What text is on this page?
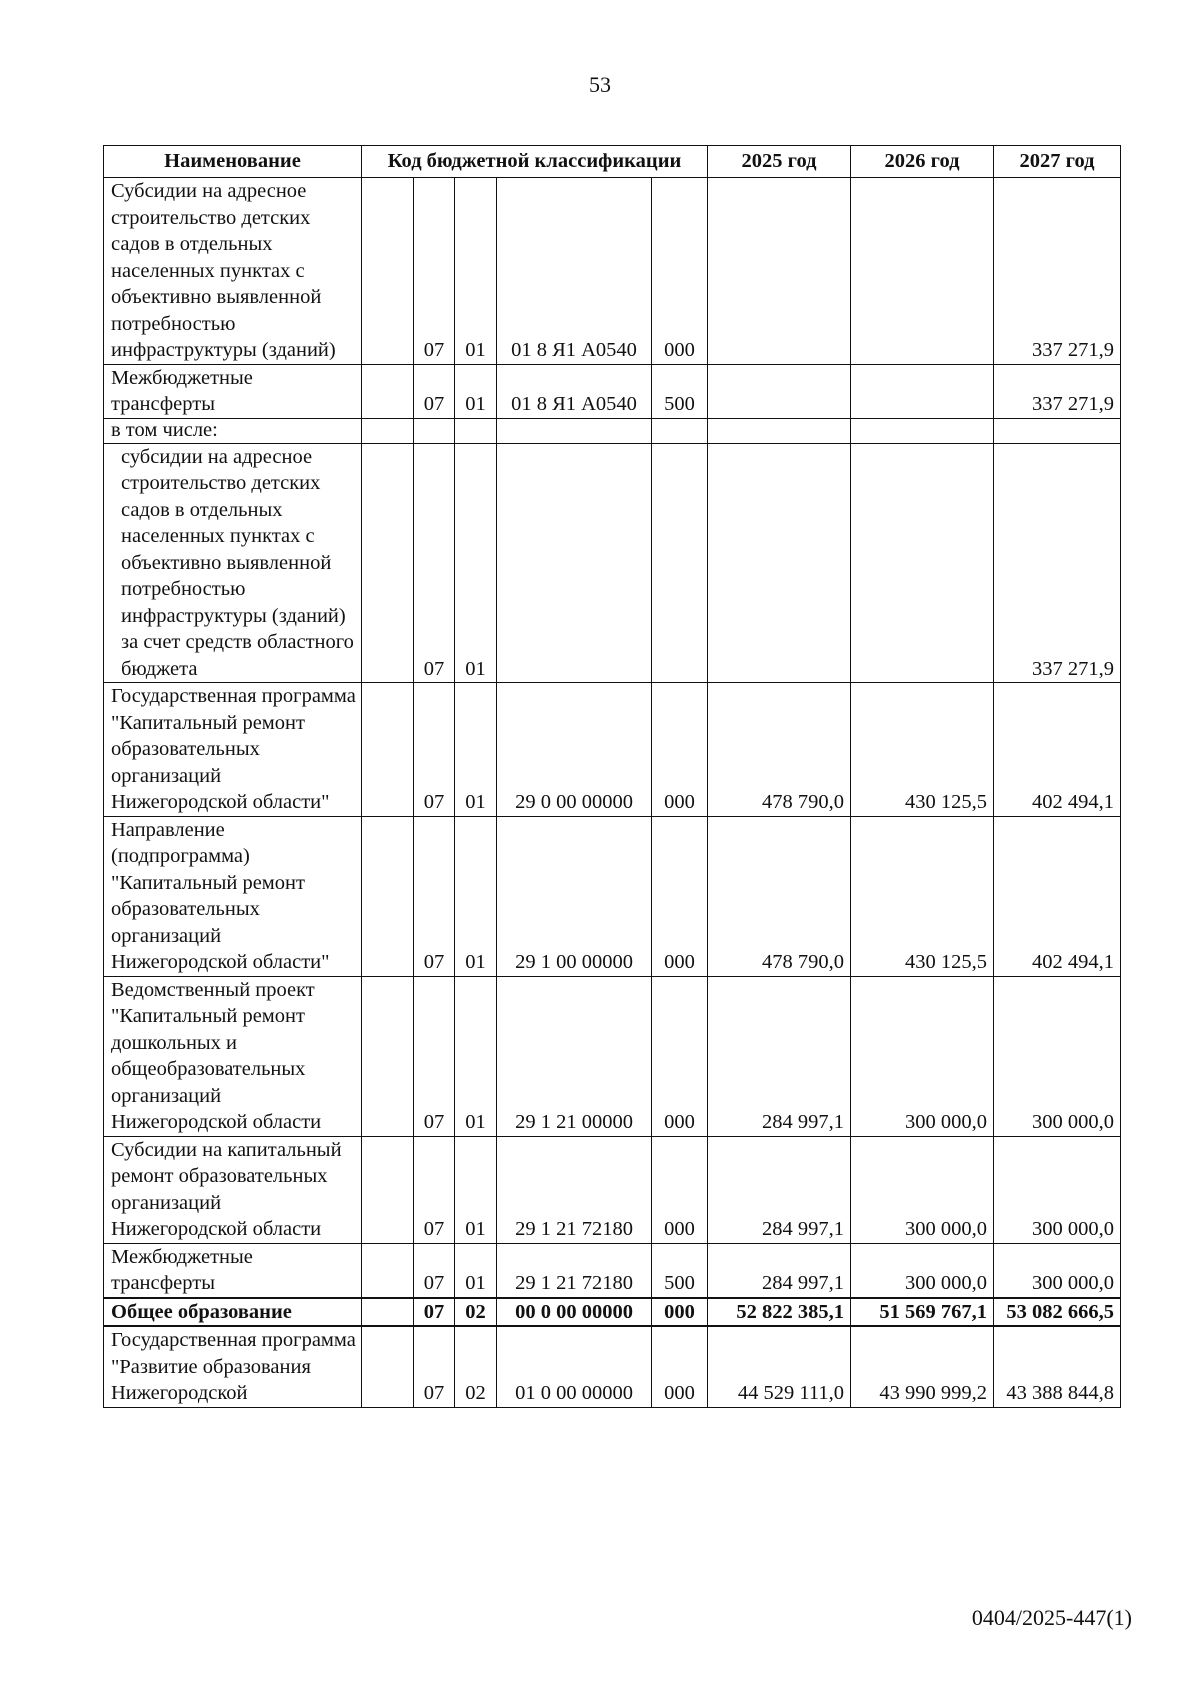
53
Наименование	Код бюджетной классификации					2025 год	2026 год	2027 год
Субсидии на адресное строительство детских садов в отдельных населенных пунктах с объективно выявленной потребностью инфраструктуры (зданий)		07	01	01 8 Я1 А0540	000			337 271,9
Межбюджетные трансферты		07	01	01 8 Я1 А0540	500			337 271,9
в том числе:								
субсидии на адресное строительство детских садов в отдельных населенных пунктах с объективно выявленной потребностью инфраструктуры (зданий) за счет средств областного бюджета		07	01					337 271,9
Государственная программа "Капитальный ремонт образовательных организаций Нижегородской области"		07	01	29 0 00 00000	000	478 790,0	430 125,5	402 494,1
Направление (подпрограмма) "Капитальный ремонт образовательных организаций Нижегородской области"		07	01	29 1 00 00000	000	478 790,0	430 125,5	402 494,1
Ведомственный проект "Капитальный ремонт дошкольных и общеобразовательных организаций Нижегородской области		07	01	29 1 21 00000	000	284 997,1	300 000,0	300 000,0
Субсидии на капитальный ремонт образовательных организаций Нижегородской области		07	01	29 1 21 72180	000	284 997,1	300 000,0	300 000,0
Межбюджетные трансферты		07	01	29 1 21 72180	500	284 997,1	300 000,0	300 000,0
Общее образование		07	02	00 0 00 00000	000	52 822 385,1	51 569 767,1	53 082 666,5
Государственная программа "Развитие образования Нижегородской		07	02	01 0 00 00000	000	44 529 111,0	43 990 999,2	43 388 844,8
0404/2025-447(1)
